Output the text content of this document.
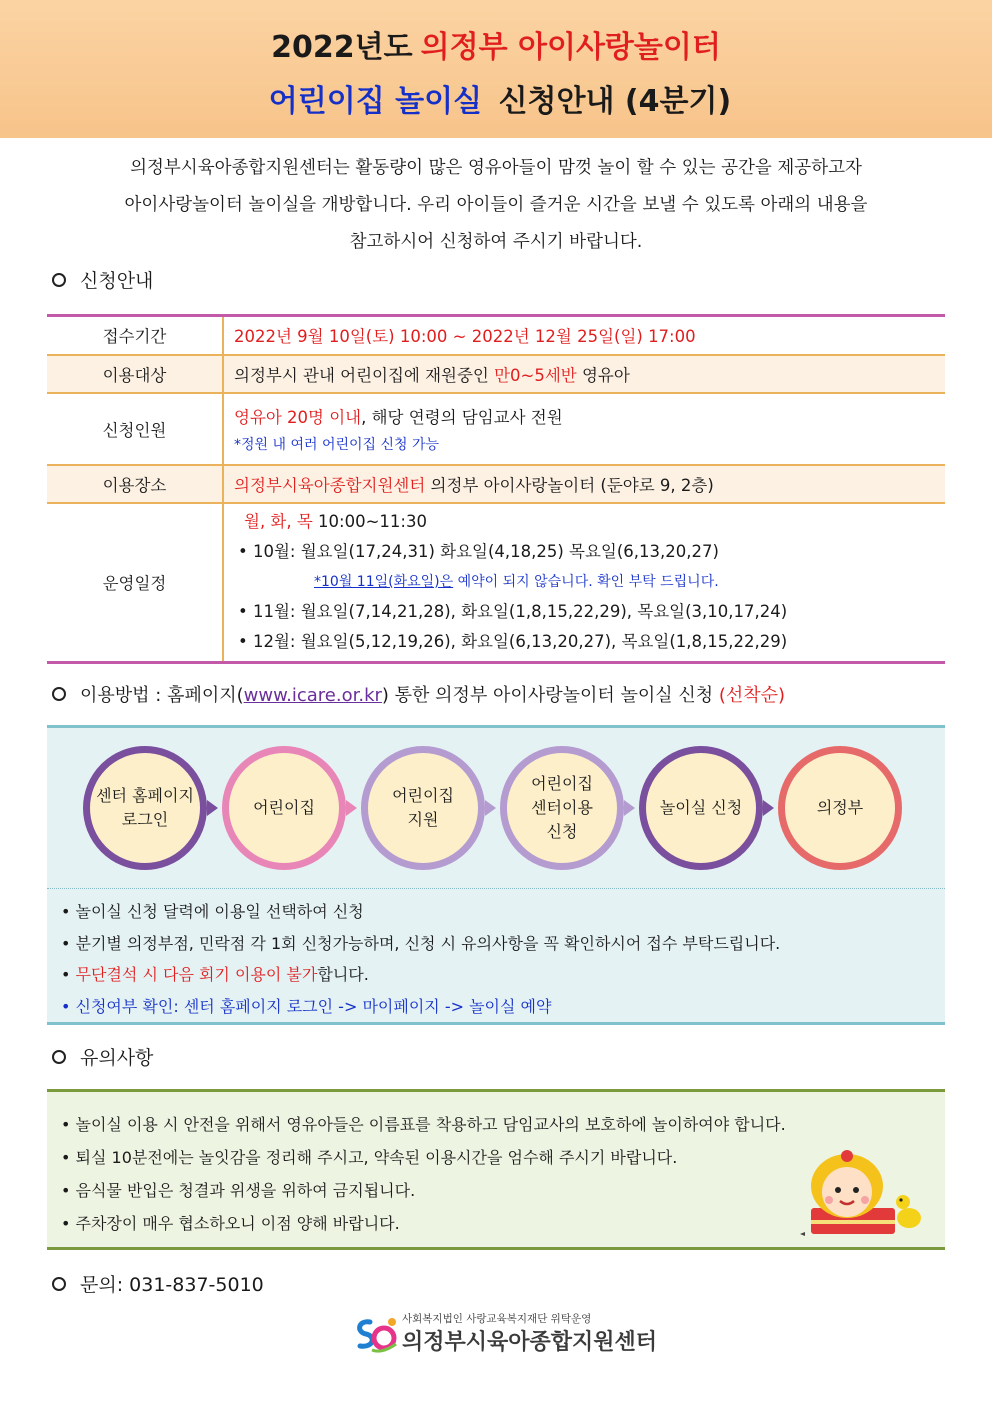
2022년도 의정부 아이사랑놀이터
어린이집 놀이실 신청안내 (4분기)
의정부시육아종합지원센터는 활동량이 많은 영유아들이 맘껏 놀이 할 수 있는 공간을 제공하고자
아이사랑놀이터 놀이실을 개방합니다. 우리 아이들이 즐거운 시간을 보낼 수 있도록 아래의 내용을
참고하시어 신청하여 주시기 바랍니다.
신청안내
접수기간	2022년 9월 10일(토) 10:00 ~ 2022년 12월 25일(일) 17:00
이용대상	의정부시 관내 어린이집에 재원중인 만0~5세반 영유아
신청인원	영유아 20명 이내, 해당 연령의 담임교사 전원
*정원 내 여러 어린이집 신청 가능

이용장소	의정부시육아종합지원센터 의정부 아이사랑놀이터 (둔야로 9, 2층)
운영일정	월, 화, 목 10:00~11:30
• 10월: 월요일(17,24,31) 화요일(4,18,25) 목요일(6,13,20,27)
*10월 11일(화요일)은 예약이 되지 않습니다. 확인 부탁 드립니다.
• 11월: 월요일(7,14,21,28), 화요일(1,8,15,22,29), 목요일(3,10,17,24)
• 12월: 월요일(5,12,19,26), 화요일(6,13,20,27), 목요일(1,8,15,22,29)
이용방법 : 홈페이지(www.icare.or.kr) 통한 의정부 아이사랑놀이터 놀이실 신청 (선착순)
센터 홈페이지
로그인
어린이집
어린이집
지원
어린이집
센터이용
신청
놀이실 신청	의정부
• 놀이실 신청 달력에 이용일 선택하여 신청
• 분기별 의정부점, 민락점 각 1회 신청가능하며, 신청 시 유의사항을 꼭 확인하시어 접수 부탁드립니다.
• 무단결석 시 다음 회기 이용이 불가합니다.
• 신청여부 확인: 센터 홈페이지 로그인 -> 마이페이지 -> 놀이실 예약
유의사항
• 놀이실 이용 시 안전을 위해서 영유아들은 이름표를 착용하고 담임교사의 보호하에 놀이하여야 합니다.
• 퇴실 10분전에는 놀잇감을 정리해 주시고, 약속된 이용시간을 엄수해 주시기 바랍니다.
• 음식물 반입은 청결과 위생을 위하여 금지됩니다.
• 주차장이 매우 협소하오니 이점 양해 바랍니다.
문의: 031-837-5010
사회복지법인 사랑교육복지재단 위탁운영
의정부시육아종합지원센터
